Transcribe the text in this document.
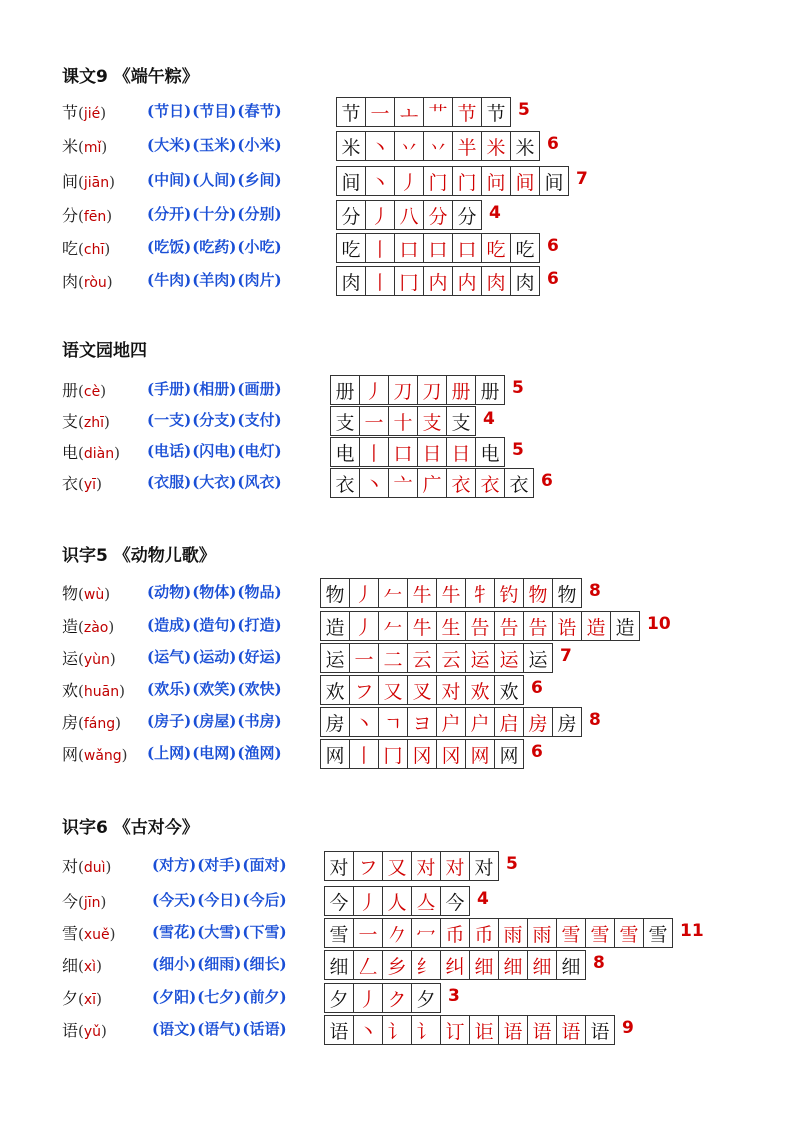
课文9 《端午粽》
节(jié)	(节日)(节目)(春节)	节 一 ㅗ 艹 节 节 5
米(mǐ)	(大米)(玉米)(小米)	米 丶 丷 丷 半 米 米 6
间(jiān) (中间)(人间)(乡间)	间 丶 丿 门 门 问 间 间 7
分(fēn) (分开)(十分)(分别)	分 丿 八 分 分 4
吃(chī) (吃饭)(吃药)(小吃)	吃 丨 口 口 口 吃 吃 6
肉(ròu) (牛肉)(羊肉)(肉片)	肉 丨 冂 内 内 肉 肉 6
语文园地四
册(cè)	(手册)(相册)(画册)	册 丿 刀 刀 册 册 5
支(zhī) (一支)(分支)(支付)	支 一 十 支 支 4
电(diàn) (电话)(闪电)(电灯)	电 丨 口 日 日 电 5
衣(yī)	(衣服)(大衣)(风衣)	衣 丶 亠 广 衣 衣 衣 6
识字5 《动物儿歌》
物(wù) (动物)(物体)(物品) 物 丿 𠂉 牛 牛 牜 钓 物 物 8
造(zào) (造成)(造句)(打造) 造 丿 𠂉 牛 生 告 告 告 诰 造 造 10
运(yùn) (运气)(运动)(好运) 运 一 二 云 云 运 运 运 7
欢(huān) (欢乐)(欢笑)(欢快) 欢 フ 又 叉 对 欢 欢 6
房(fáng) (房子)(房屋)(书房) 房 丶 ㄱ ヨ 户 户 启 房 房 8
网(wǎng) (上网)(电网)(渔网) 网 丨 冂 冈 冈 网 网 6
识字6 《古对今》
对(duì)	(对方)(对手)(面对) 对 フ 又 对 对 对 5
今(jīn)	(今天)(今日)(今后) 今 丿 人 亼 今 4
雪(xuě) (雪花)(大雪)(下雪) 雪 一 𠂊 冖 币 币 雨 雨 雪 雪 雪 雪 11
细(xì)	(细小)(细雨)(细长) 细 𠃋 乡 纟 纠 细 细 细 细 8
夕(xī)	(夕阳)(七夕)(前夕) 夕 丿 ク 夕 3
语(yǔ)	(语文)(语气)(话语) 语 丶 讠 讠 订 讵 语 语 语 语 9
